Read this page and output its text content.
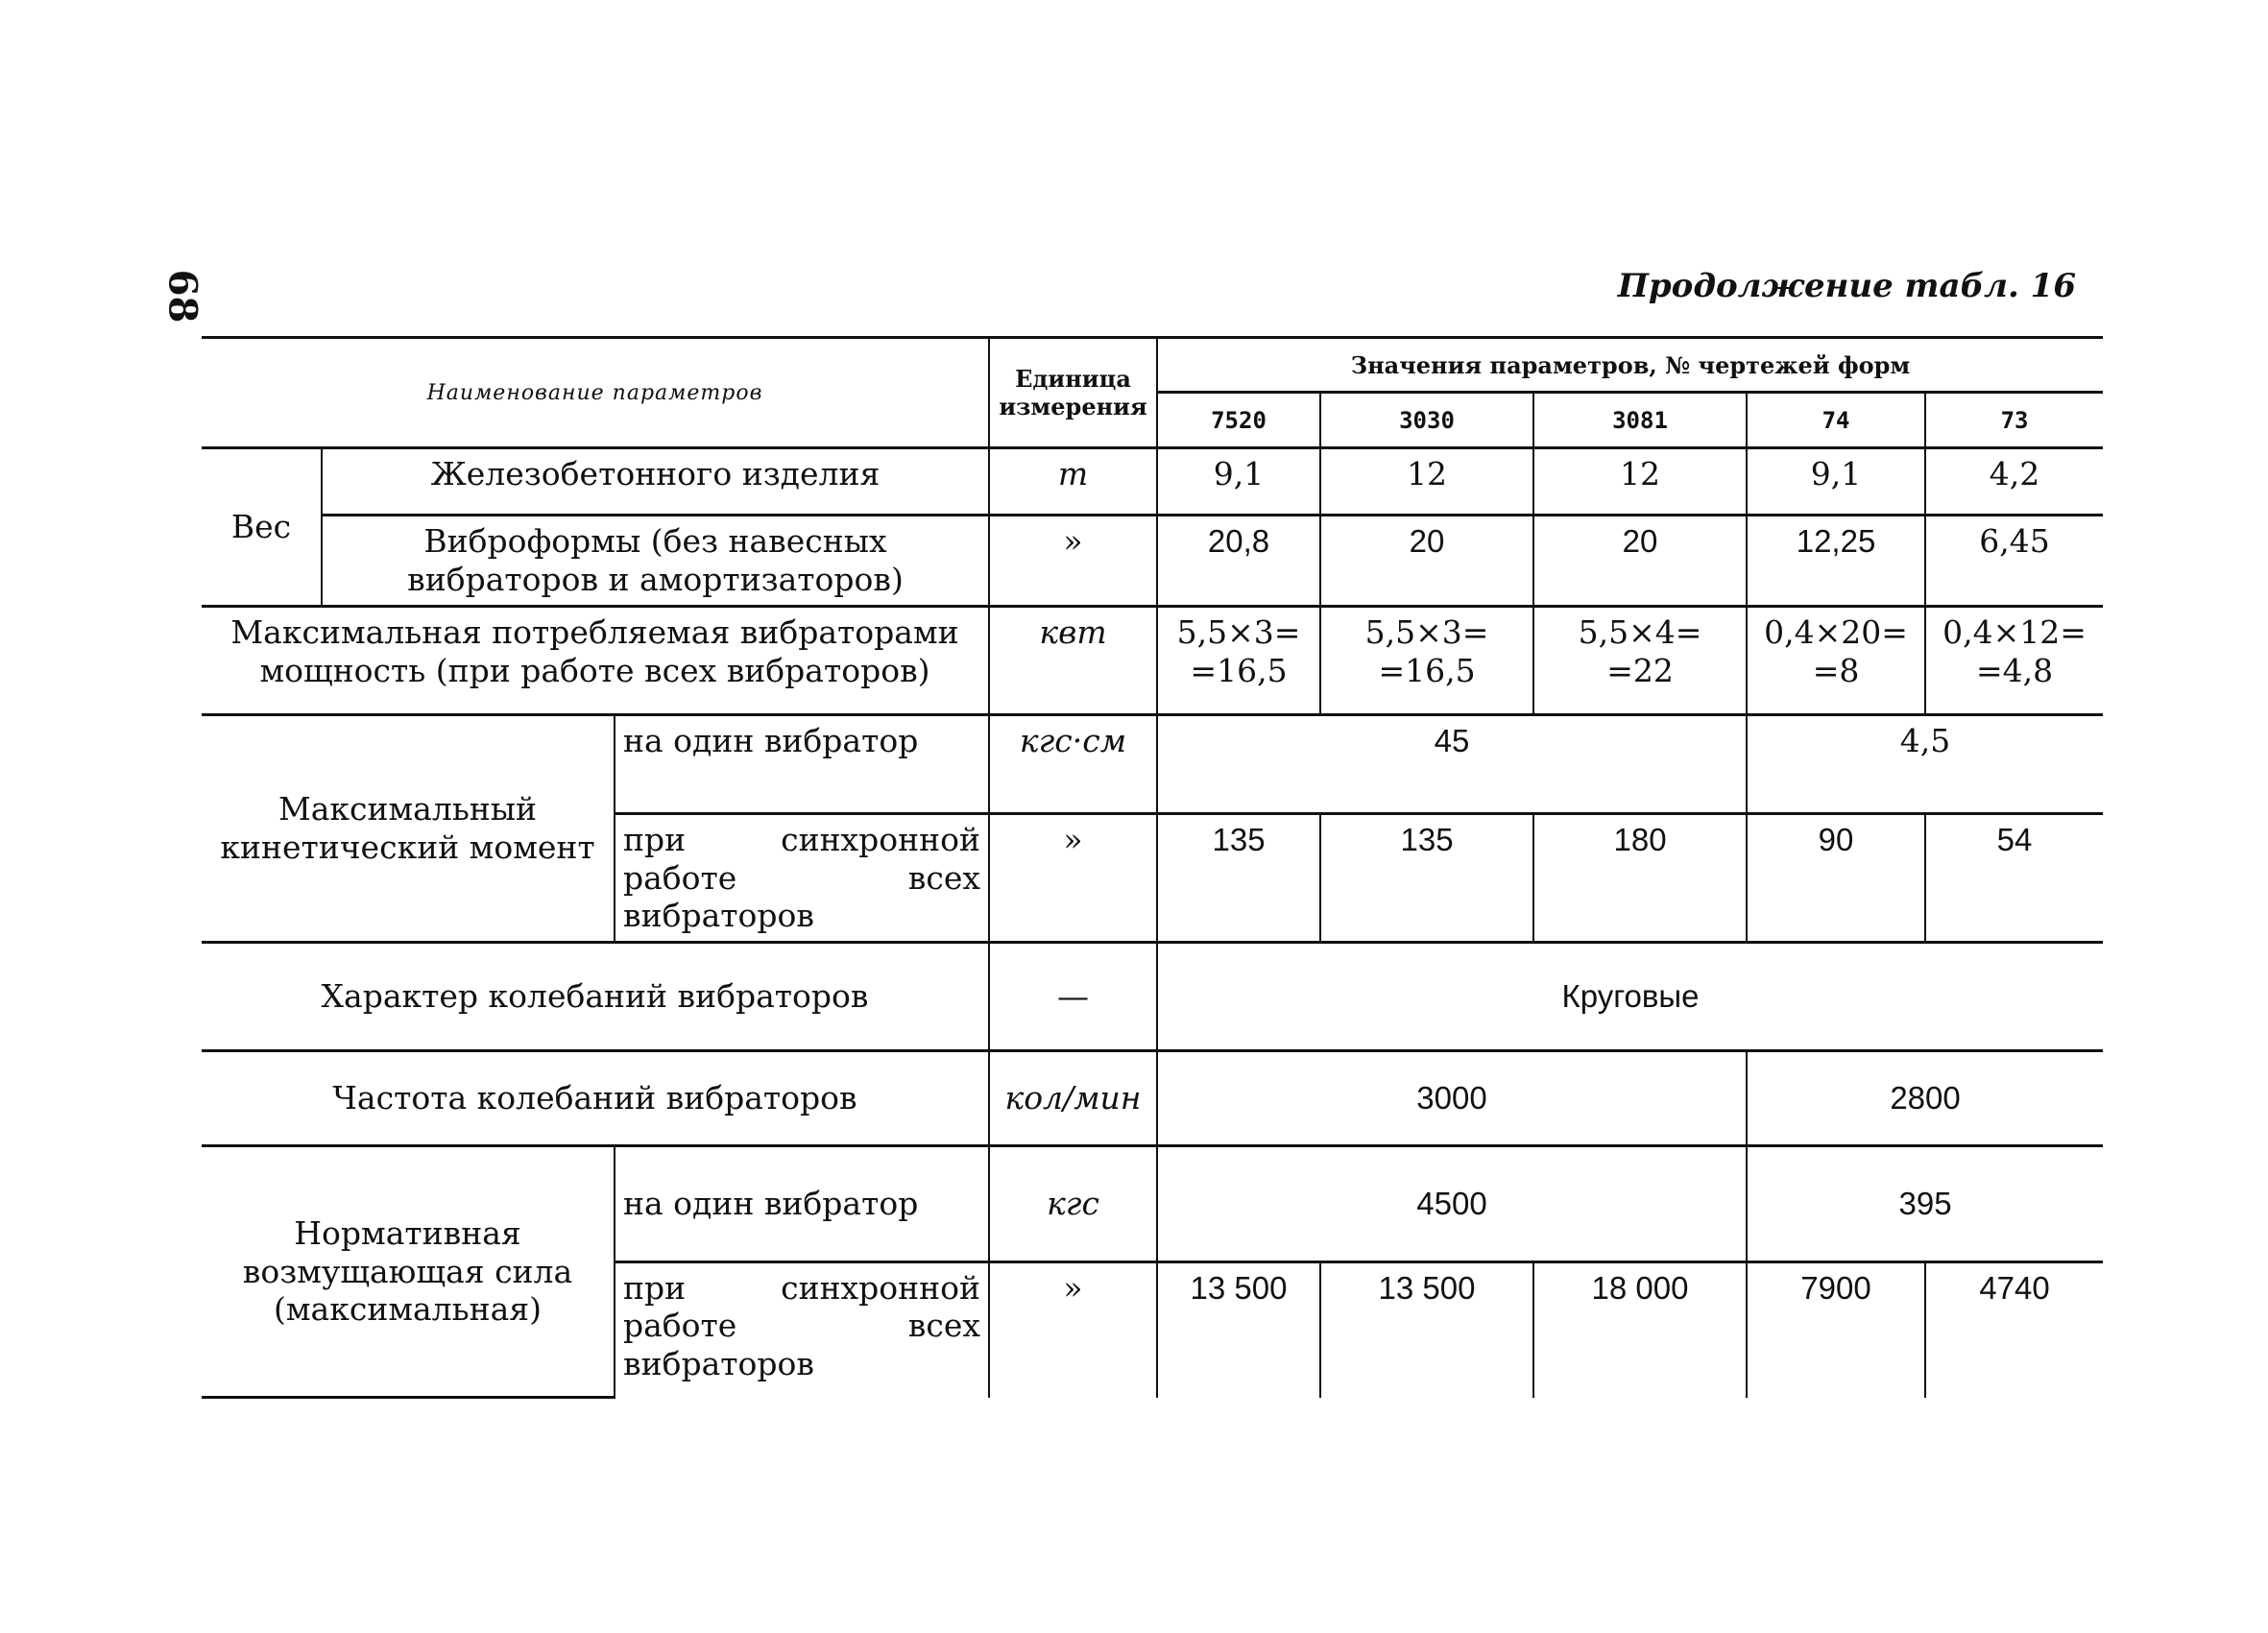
68	Продолжение табл. 16
Наименование параметров			Единица измерения	Значения параметров, № чертежей форм				
				7520	3030	3081	74	73
Вес	Железобетонного изделия		т	9,1	12	12	9,1	4,2
	Виброформы (без навесных вибраторов и амортизаторов)		»	20,8	20	20	12,25	6,45
Максимальная потребляемая вибраторами мощность (при работе всех вибраторов)			квт	5,5×3= =16,5	5,5×3= =16,5	5,5×4= =22	0,4×20= =8	0,4×12= =4,8
Максимальный кинетический момент		на один вибратор	кгс·см	45			4,5	
		при синхронной работе всех вибраторов	»	135	135	180	90	54
Характер колебаний вибраторов			—	Круговые				
Частота колебаний вибраторов			кол/мин	3000			2800	
Нормативная возмущающая сила (максимальная)		на один вибратор	кгс	4500			395	
		при синхронной работе всех вибраторов	»	13 500	13 500	18 000	7900	4740
